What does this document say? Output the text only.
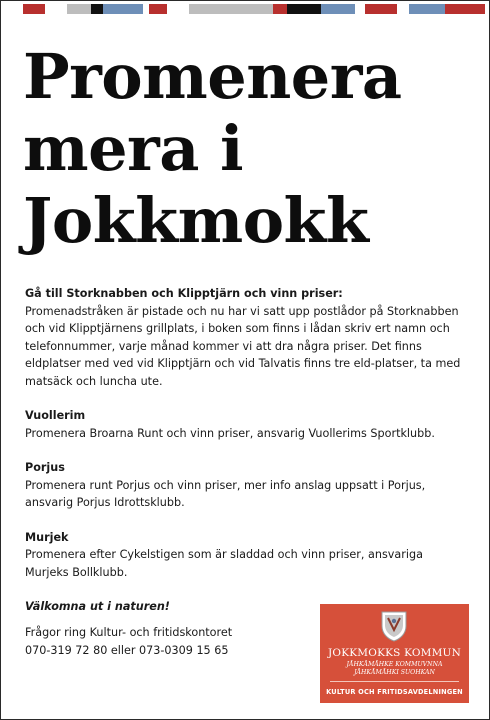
Promenera
mera i
Jokkmokk

Gå till Storknabben och Klipptjärn och vinn priser:

Promenadstråken är pistade och nu har vi satt upp postlådor på Storknabben och vid Klipptjärnens grillplats, i boken som finns i lådan skriv ert namn och telefonnummer, varje månad kommer vi att dra några priser. Det finns eldplatser med ved vid Klipptjärn och vid Talvatis finns tre eld-platser, ta med matsäck och luncha ute.

Vuollerim

Promenera Broarna Runt och vinn priser, ansvarig Vuollerims Sportklubb.

Porjus

Promenera runt Porjus och vinn priser, mer info anslag uppsatt i Porjus, ansvarig Porjus Idrottsklubb.

Murjek

Promenera efter Cykelstigen som är sladdad och vinn priser, ansvariga Murjeks Bollklubb.

Välkomna ut i naturen!

Frågor ring Kultur- och fritidskontoret
070-319 72 80 eller 073-0309 15 65	JOKKMOKKS KOMMUN
JÅHKÅMÅHKE KOMMUVNNA
JÅHKÅMÅHKI SUOHKAN
KULTUR OCH FRITIDSAVDELNINGEN
